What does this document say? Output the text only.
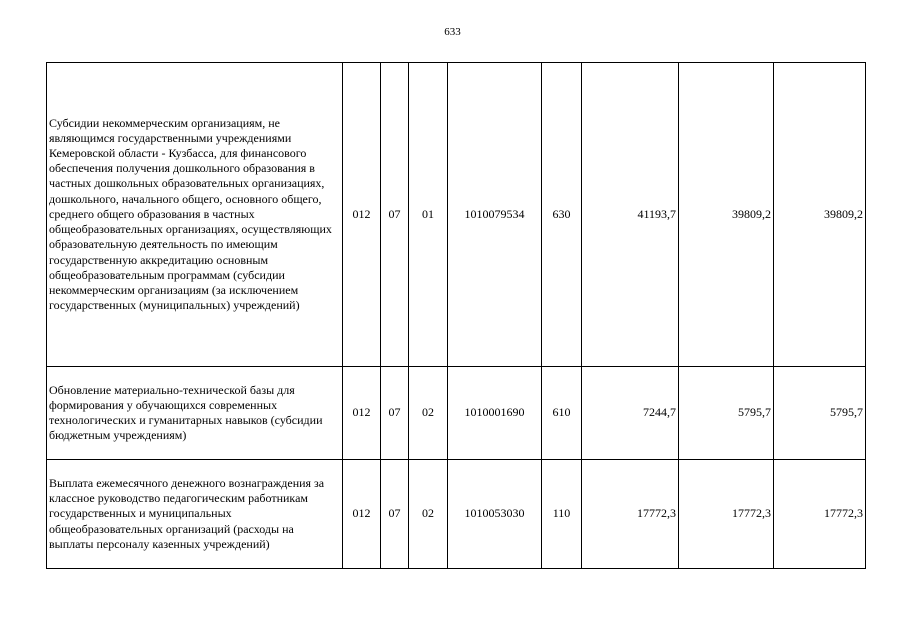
633
Субсидии некоммерческим организациям, не являющимся государственными учреждениями Кемеровской области - Кузбасса, для финансового обеспечения получения дошкольного образования в частных дошкольных образовательных организациях, дошкольного, начального общего, основного общего, среднего общего образования в частных общеобразовательных организациях, осуществляющих образовательную деятельность по имеющим государственную аккредитацию основным общеобразовательным программам (субсидии некоммерческим организациям (за исключением государственных (муниципальных) учреждений)	012	07	01	1010079534	630	41193,7	39809,2	39809,2
Обновление материально-технической базы для формирования у обучающихся современных технологических и гуманитарных навыков (субсидии бюджетным учреждениям)	012	07	02	1010001690	610	7244,7	5795,7	5795,7
Выплата ежемесячного денежного вознаграждения за классное руководство педагогическим работникам государственных и муниципальных общеобразовательных организаций (расходы на выплаты персоналу казенных учреждений)	012	07	02	1010053030	110	17772,3	17772,3	17772,3
